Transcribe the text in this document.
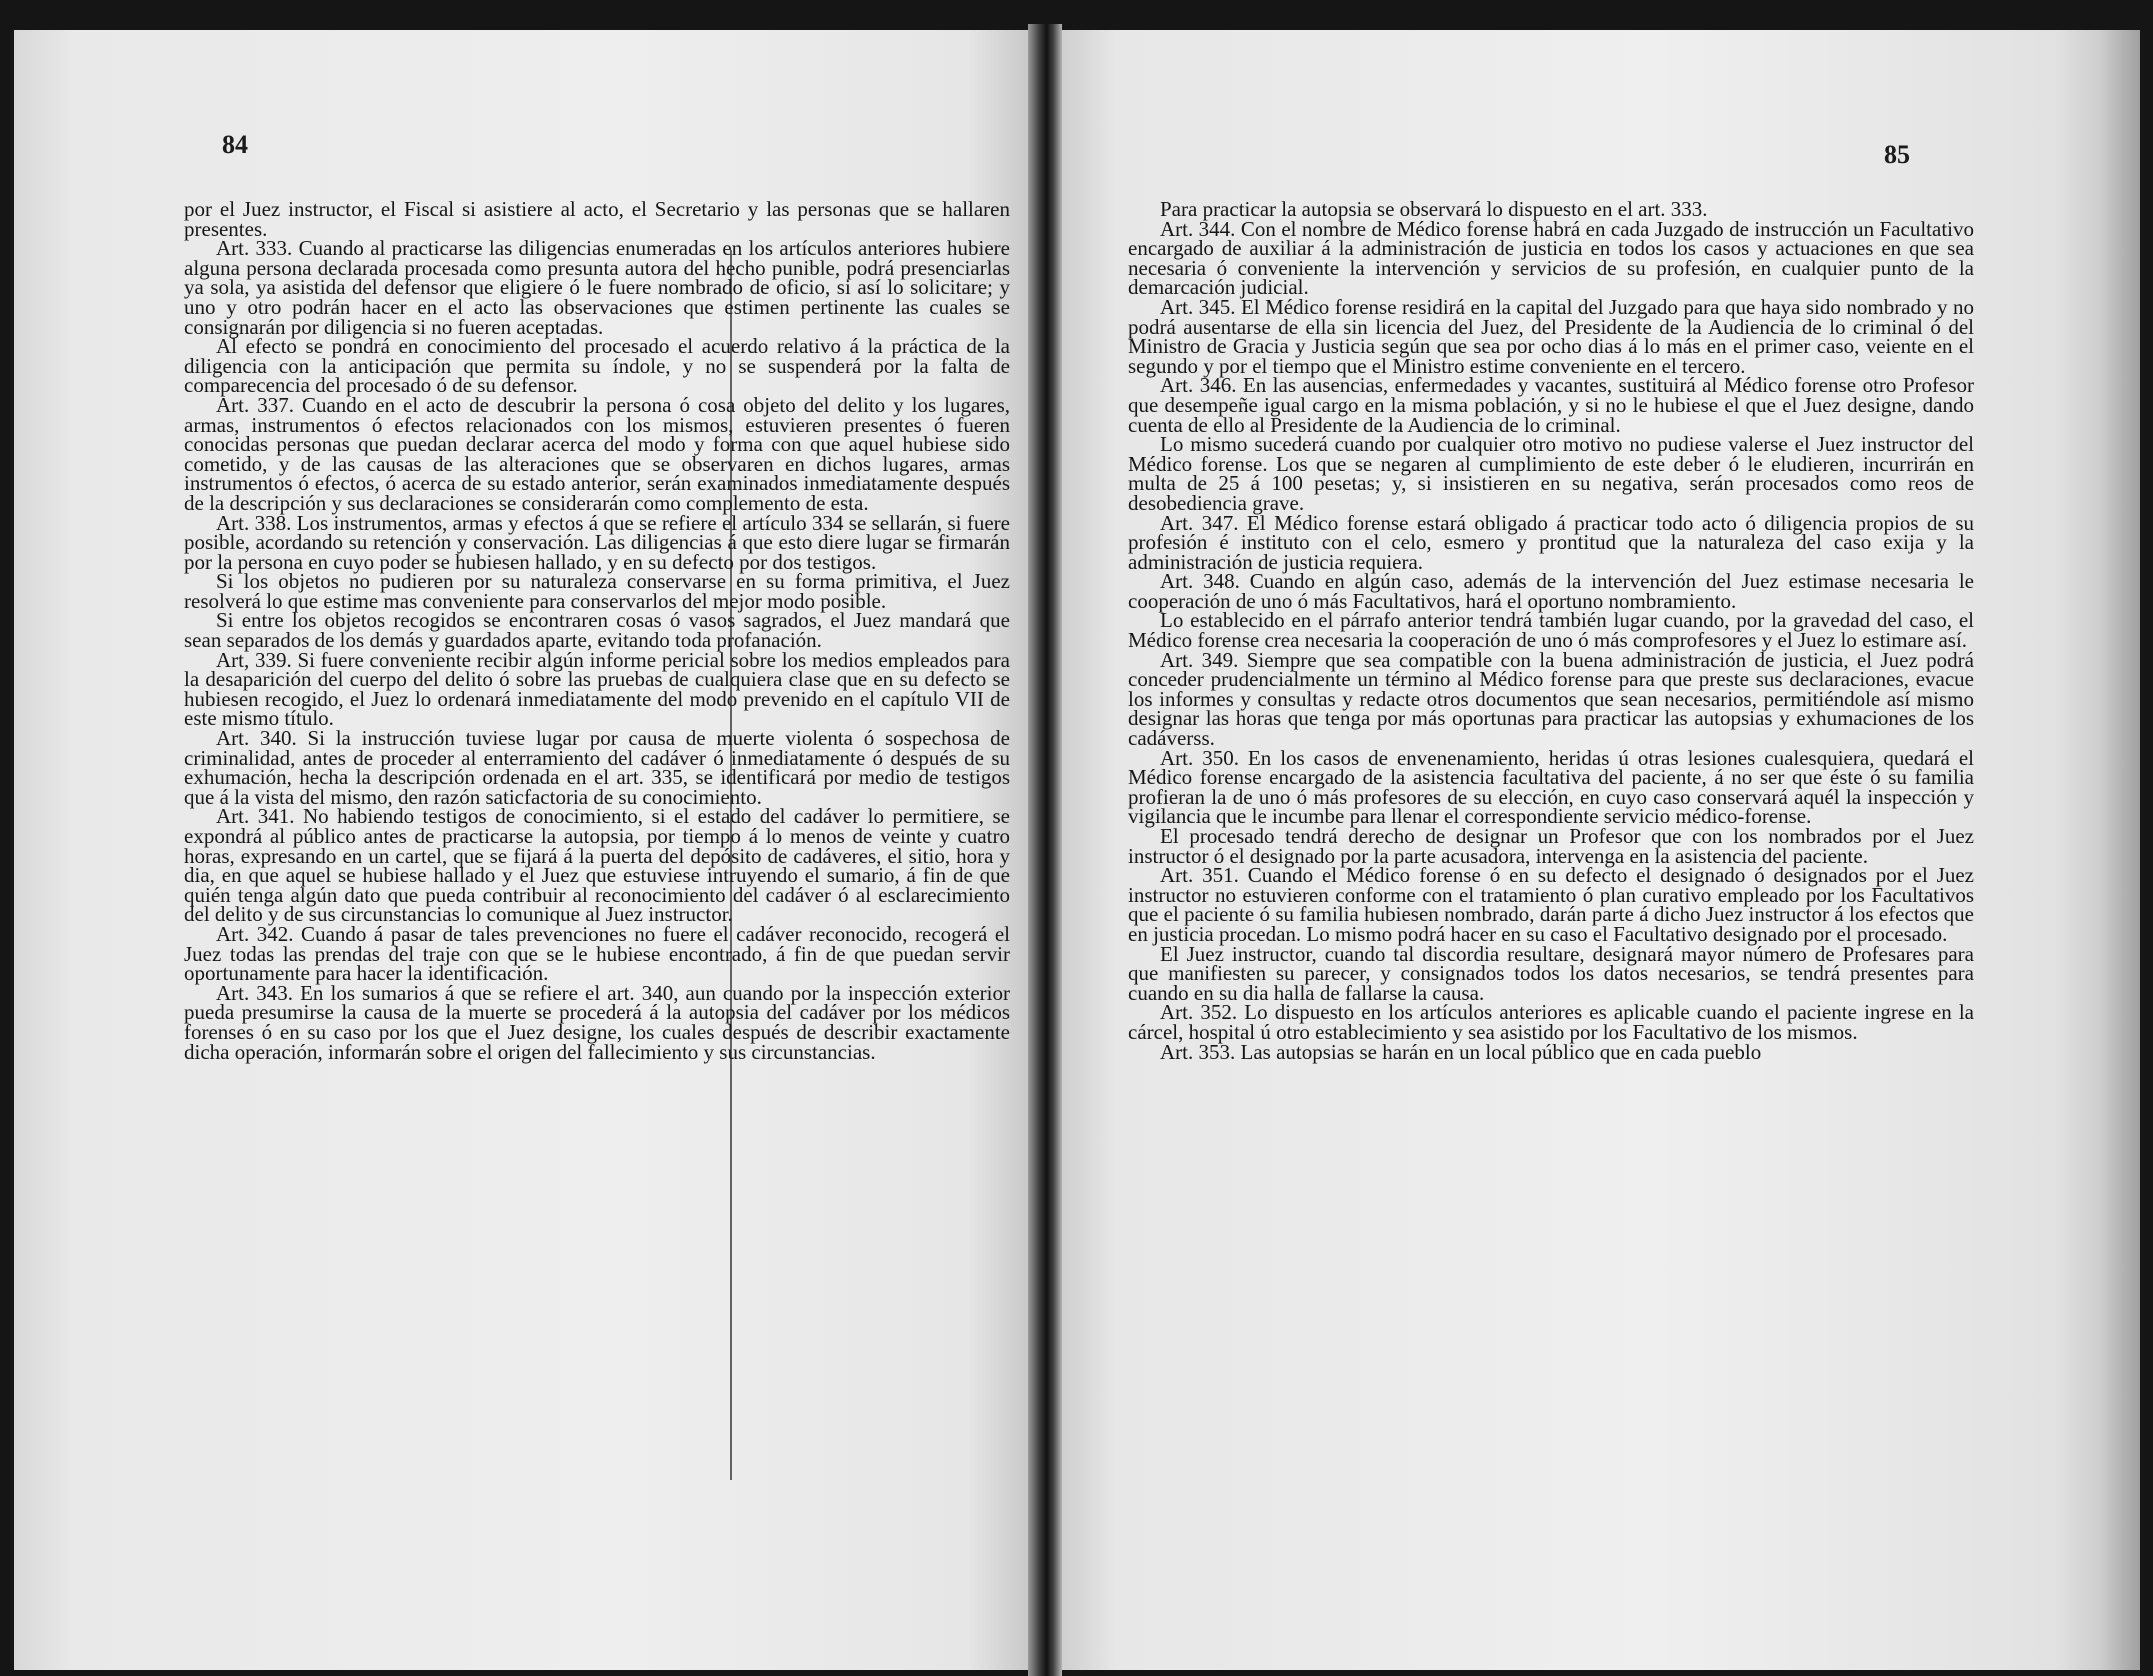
84

por el Juez instructor, el Fiscal si asistiere al acto, el Secretario y las personas que se hallaren presentes.

Art. 333. Cuando al practicarse las diligencias enumeradas en los artículos anteriores hubiere alguna persona declarada procesada como presunta autora del hecho punible, podrá presenciarlas ya sola, ya asistida del defensor que eligiere ó le fuere nombrado de oficio, si así lo solicitare; y uno y otro podrán hacer en el acto las observaciones que estimen pertinente las cuales se consignarán por diligencia si no fueren aceptadas.

Al efecto se pondrá en conocimiento del procesado el acuerdo relativo á la práctica de la diligencia con la anticipación que permita su índole, y no se suspenderá por la falta de comparecencia del procesado ó de su defensor.

Art. 337. Cuando en el acto de descubrir la persona ó cosa objeto del delito y los lugares, armas, instrumentos ó efectos relacionados con los mismos, estuvieren presentes ó fueren conocidas personas que puedan declarar acerca del modo y forma con que aquel hubiese sido cometido, y de las causas de las alteraciones que se observaren en dichos lugares, armas instrumentos ó efectos, ó acerca de su estado anterior, serán examinados inmediatamente después de la descripción y sus declaraciones se considerarán como complemento de esta.

Art. 338. Los instrumentos, armas y efectos á que se refiere el artículo 334 se sellarán, si fuere posible, acordando su retención y conservación. Las diligencias á que esto diere lugar se firmarán por la persona en cuyo poder se hubiesen hallado, y en su defecto por dos testigos.

Si los objetos no pudieren por su naturaleza conservarse en su forma primitiva, el Juez resolverá lo que estime mas conveniente para conservarlos del mejor modo posible.

Si entre los objetos recogidos se encontraren cosas ó vasos sagrados, el Juez mandará que sean separados de los demás y guardados aparte, evitando toda profanación.

Art, 339. Si fuere conveniente recibir algún informe pericial sobre los medios empleados para la desaparición del cuerpo del delito ó sobre las pruebas de cualquiera clase que en su defecto se hubiesen recogido, el Juez lo ordenará inmediatamente del modo prevenido en el capítulo VII de este mismo título.

Art. 340. Si la instrucción tuviese lugar por causa de muerte violenta ó sospechosa de criminalidad, antes de proceder al enterramiento del cadáver ó inmediatamente ó después de su exhumación, hecha la descripción ordenada en el art. 335, se identificará por medio de testigos que á la vista del mismo, den razón saticfactoria de su conocimiento.

Art. 341. No habiendo testigos de conocimiento, si el estado del cadáver lo permitiere, se expondrá al público antes de practicarse la autopsia, por tiempo á lo menos de veinte y cuatro horas, expresando en un cartel, que se fijará á la puerta del depósito de cadáveres, el sitio, hora y dia, en que aquel se hubiese hallado y el Juez que estuviese intruyendo el sumario, á fin de que quién tenga algún dato que pueda contribuir al reconocimiento del cadáver ó al esclarecimiento del delito y de sus circunstancias lo comunique al Juez instructor.

Art. 342. Cuando á pasar de tales prevenciones no fuere el cadáver reconocido, recogerá el Juez todas las prendas del traje con que se le hubiese encontrado, á fin de que puedan servir oportunamente para hacer la identificación.

Art. 343. En los sumarios á que se refiere el art. 340, aun cuando por la inspección exterior pueda presumirse la causa de la muerte se procederá á la autopsia del cadáver por los médicos forenses ó en su caso por los que el Juez designe, los cuales después de describir exactamente dicha operación, informarán sobre el origen del fallecimiento y sus circunstancias.

85

Para practicar la autopsia se observará lo dispuesto en el art. 333.

Art. 344. Con el nombre de Médico forense habrá en cada Juzgado de instrucción un Facultativo encargado de auxiliar á la administración de justicia en todos los casos y actuaciones en que sea necesaria ó conveniente la intervención y servicios de su profesión, en cualquier punto de la demarcación judicial.

Art. 345. El Médico forense residirá en la capital del Juzgado para que haya sido nombrado y no podrá ausentarse de ella sin licencia del Juez, del Presidente de la Audiencia de lo criminal ó del Ministro de Gracia y Justicia según que sea por ocho dias á lo más en el primer caso, veiente en el segundo y por el tiempo que el Ministro estime conveniente en el tercero.

Art. 346. En las ausencias, enfermedades y vacantes, sustituirá al Médico forense otro Profesor que desempeñe igual cargo en la misma población, y si no le hubiese el que el Juez designe, dando cuenta de ello al Presidente de la Audiencia de lo criminal.

Lo mismo sucederá cuando por cualquier otro motivo no pudiese valerse el Juez instructor del Médico forense. Los que se negaren al cumplimiento de este deber ó le eludieren, incurrirán en multa de 25 á 100 pesetas; y, si insistieren en su negativa, serán procesados como reos de desobediencia grave.

Art. 347. El Médico forense estará obligado á practicar todo acto ó diligencia propios de su profesión é instituto con el celo, esmero y prontitud que la naturaleza del caso exija y la administración de justicia requiera.

Art. 348. Cuando en algún caso, además de la intervención del Juez estimase necesaria le cooperación de uno ó más Facultativos, hará el oportuno nombramiento.

Lo establecido en el párrafo anterior tendrá también lugar cuando, por la gravedad del caso, el Médico forense crea necesaria la cooperación de uno ó más comprofesores y el Juez lo estimare así.

Art. 349. Siempre que sea compatible con la buena administración de justicia, el Juez podrá conceder prudencialmente un término al Médico forense para que preste sus declaraciones, evacue los informes y consultas y redacte otros documentos que sean necesarios, permitiéndole así mismo designar las horas que tenga por más oportunas para practicar las autopsias y exhumaciones de los cadáverss.

Art. 350. En los casos de envenenamiento, heridas ú otras lesiones cualesquiera, quedará el Médico forense encargado de la asistencia facultativa del paciente, á no ser que éste ó su familia profieran la de uno ó más profesores de su elección, en cuyo caso conservará aquél la inspección y vigilancia que le incumbe para llenar el correspondiente servicio médico-forense.

El procesado tendrá derecho de designar un Profesor que con los nombrados por el Juez instructor ó el designado por la parte acusadora, intervenga en la asistencia del paciente.

Art. 351. Cuando el Médico forense ó en su defecto el designado ó designados por el Juez instructor no estuvieren conforme con el tratamiento ó plan curativo empleado por los Facultativos que el paciente ó su familia hubiesen nombrado, darán parte á dicho Juez instructor á los efectos que en justicia procedan. Lo mismo podrá hacer en su caso el Facultativo designado por el procesado.

El Juez instructor, cuando tal discordia resultare, designará mayor número de Profesares para que manifiesten su parecer, y consignados todos los datos necesarios, se tendrá presentes para cuando en su dia halla de fallarse la causa.

Art. 352. Lo dispuesto en los artículos anteriores es aplicable cuando el paciente ingrese en la cárcel, hospital ú otro establecimiento y sea asistido por los Facultativo de los mismos.

Art. 353. Las autopsias se harán en un local público que en cada pueblo
